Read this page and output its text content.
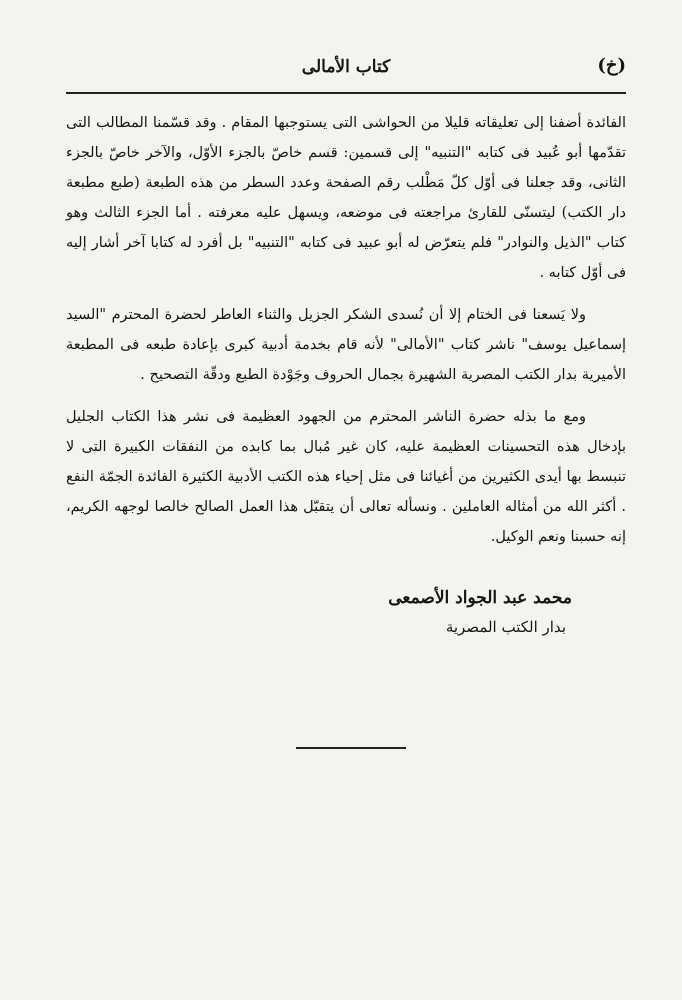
(خ)
كتاب الأمالى

الفائدة أضفنا إلى تعليقاته قليلا من الحواشى التى يستوجبها المقام . وقد قسّمنا المطالب التى تقدّمها أبو عُبيد فى كتابه "التنبيه" إلى قسمين: قسم خاصّ بالجزء الأوّل، والآخر خاصّ بالجزء الثانى، وقد جعلنا فى أوّل كلّ مَطْلب رقم الصفحة وعدد السطر من هذه الطبعة (طبع مطبعة دار الكتب) ليتسنّى للقارئ مراجعته فى موضعه، ويسهل عليه معرفته . أما الجزء الثالث وهو كتاب "الذيل والنوادر" فلم يتعرّض له أبو عبيد فى كتابه "التنبيه" بل أفرد له كتابا آخر أشار إليه فى أوّل كتابه .

ولا يَسعنا فى الختام إلا أن نُسدى الشكر الجزيل والثناء العاطر لحضرة المحترم "السيد إسماعيل يوسف" ناشر كتاب "الأمالى" لأنه قام بخدمة أدبية كبرى بإعادة طبعه فى المطبعة الأميرية بدار الكتب المصرية الشهيرة بجمال الحروف وجَوْدة الطبع ودقّة التصحيح .

ومع ما بذله حضرة الناشر المحترم من الجهود العظيمة فى نشر هذا الكتاب الجليل بإدخال هذه التحسينات العظيمة عليه، كان غير مُبال بما كابده من النفقات الكبيرة التى لا تنبسط بها أيدى الكثيرين من أغيائنا فى مثل إحياء هذه الكتب الأدبية الكثيرة الفائدة الجمّة النفع . أكثر الله من أمثاله العاملين . ونسأله تعالى أن يتقبّل هذا العمل الصالح خالصا لوجهه الكريم، إنه حسبنا ونعم الوكيل.

محمد عبد الجواد الأصمعى
بدار الكتب المصرية
